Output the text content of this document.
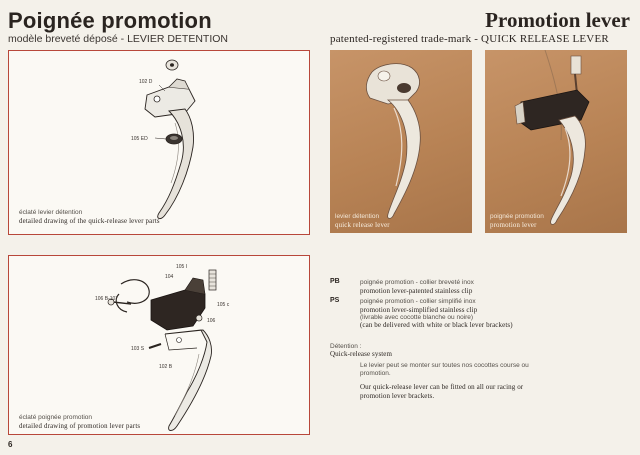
Poignée promotion
modèle breveté déposé - LEVIER DETENTION
Promotion lever
patented-registered trade-mark - QUICK RELEASE LEVER
102 D
105 ED
éclaté levier détention
detailed drawing of the quick-release lever parts
levier détention
quick release lever
poignée promotion
promotion lever
105 I
104
106 B-107
105 c
106
103 S
102 B
éclaté poignée promotion
detailed drawing of promotion lever parts
PB	poignée promotion - collier breveté inox
promotion lever-patented stainless clip
PS	poignée promotion - collier simplifié inox
promotion lever-simplified stainless clip
(livrable avec cocotte blanche ou noire)
(can be delivered with white or black lever brackets)
Détention :
Quick-release system
Le levier peut se monter sur toutes nos cocottes course ou promotion.
Our quick-release lever can be fitted on all our racing or promotion lever brackets.
6
